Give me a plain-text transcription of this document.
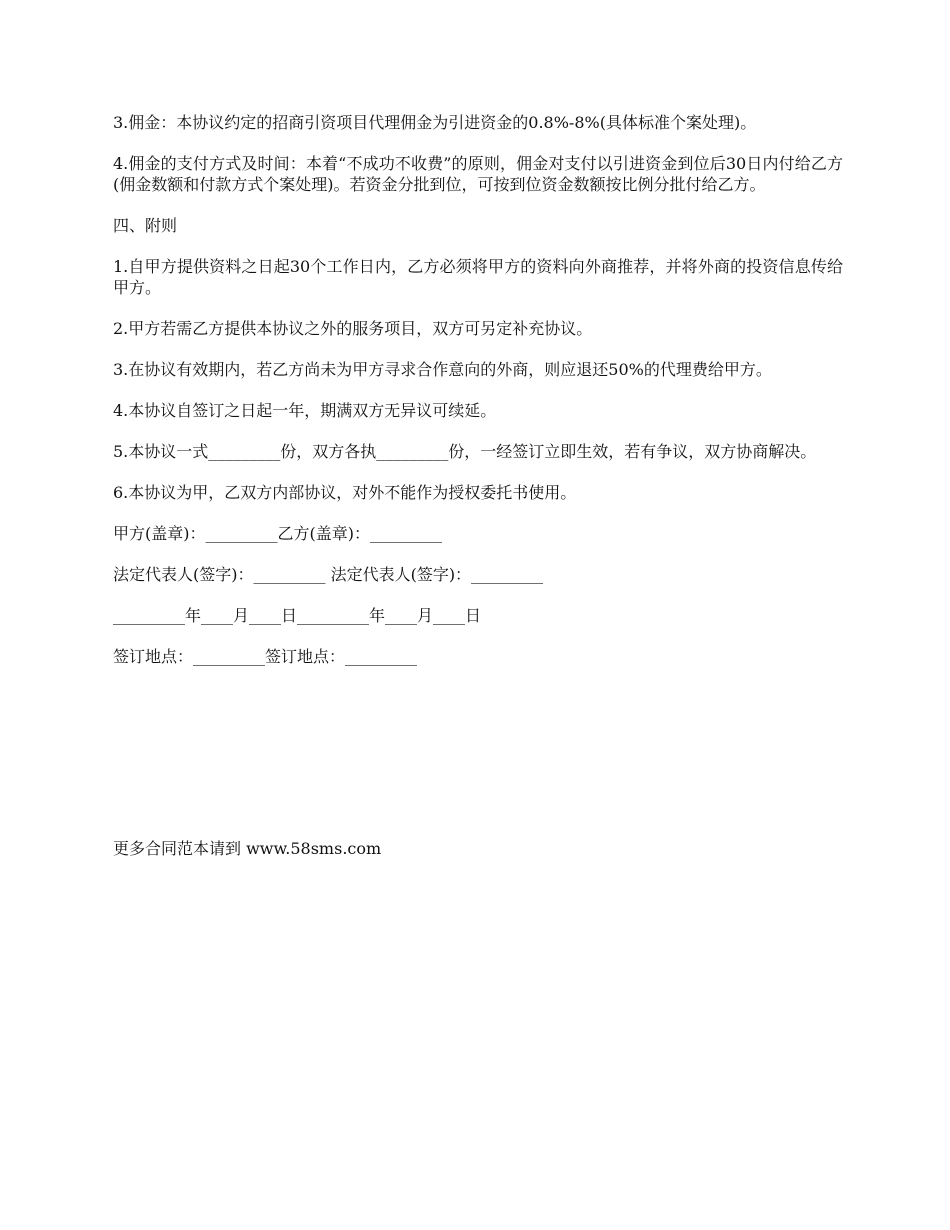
3.佣金：本协议约定的招商引资项目代理佣金为引进资金的0.8%-8%(具体标准个案处理)。

4.佣金的支付方式及时间：本着“不成功不收费”的原则，佣金对支付以引进资金到位后30日内付给乙方(佣金数额和付款方式个案处理)。若资金分批到位，可按到位资金数额按比例分批付给乙方。

四、附则

1.自甲方提供资料之日起30个工作日内，乙方必须将甲方的资料向外商推荐，并将外商的投资信息传给甲方。

2.甲方若需乙方提供本协议之外的服务项目，双方可另定补充协议。

3.在协议有效期内，若乙方尚未为甲方寻求合作意向的外商，则应退还50%的代理费给甲方。

4.本协议自签订之日起一年，期满双方无异议可续延。

5.本协议一式_________份，双方各执_________份，一经签订立即生效，若有争议，双方协商解决。

6.本协议为甲，乙双方内部协议，对外不能作为授权委托书使用。

甲方(盖章)：_________乙方(盖章)：_________

法定代表人(签字)：_________ 法定代表人(签字)：_________

_________年____月____日_________年____月____日

签订地点：_________签订地点：_________

更多合同范本请到 www.58sms.com
